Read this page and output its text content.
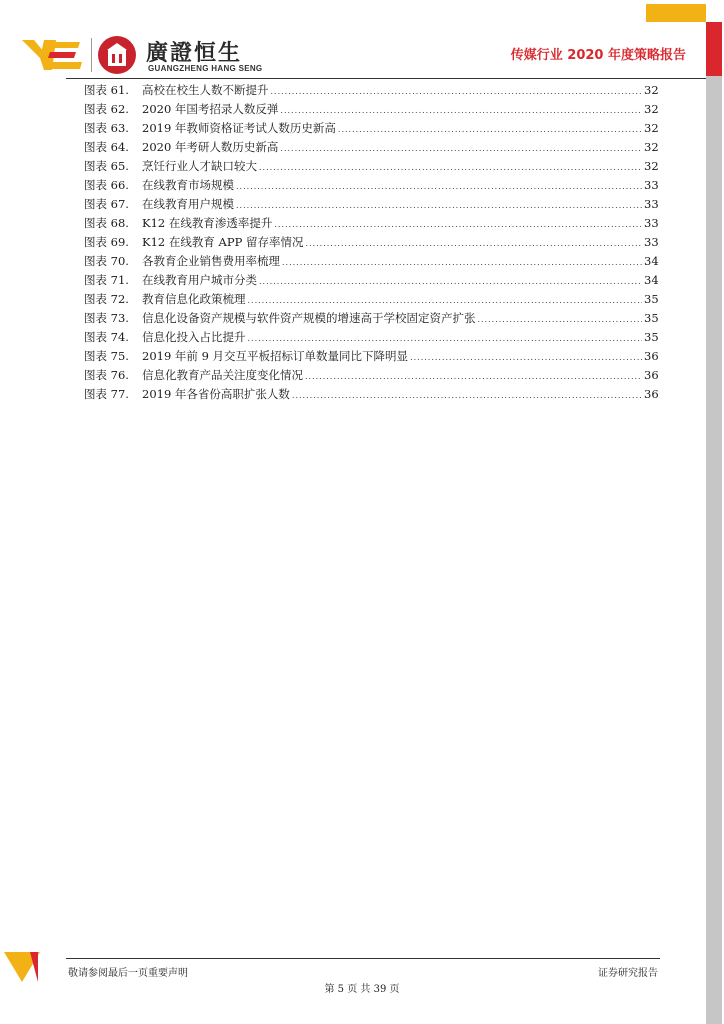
廣證恒生
GUANGZHENG HANG SENG
传媒行业 2020 年度策略报告
图表 61.	高校在校生人数不断提升 .....	32
图表 62.	2020 年国考招录人数反弹 .....	32
图表 63.	2019 年教师资格证考试人数历史新高 .....	32
图表 64.	2020 年考研人数历史新高 .....	32
图表 65.	烹饪行业人才缺口较大 .....	32
图表 66.	在线教育市场规模 .....	33
图表 67.	在线教育用户规模 .....	33
图表 68.	K12 在线教育渗透率提升 .....	33
图表 69.	K12 在线教育 APP 留存率情况 .....	33
图表 70.	各教育企业销售费用率梳理 .....	34
图表 71.	在线教育用户城市分类 .....	34
图表 72.	教育信息化政策梳理 .....	35
图表 73.	信息化设备资产规模与软件资产规模的增速高于学校固定资产扩张 .....	35
图表 74.	信息化投入占比提升 .....	35
图表 75.	2019 年前 9 月交互平板招标订单数量同比下降明显 .....	36
图表 76.	信息化教育产品关注度变化情况 .....	36
图表 77.	2019 年各省份高职扩张人数 .....	36
敬请参阅最后一页重要声明	证券研究报告
第 5 页 共 39 页
